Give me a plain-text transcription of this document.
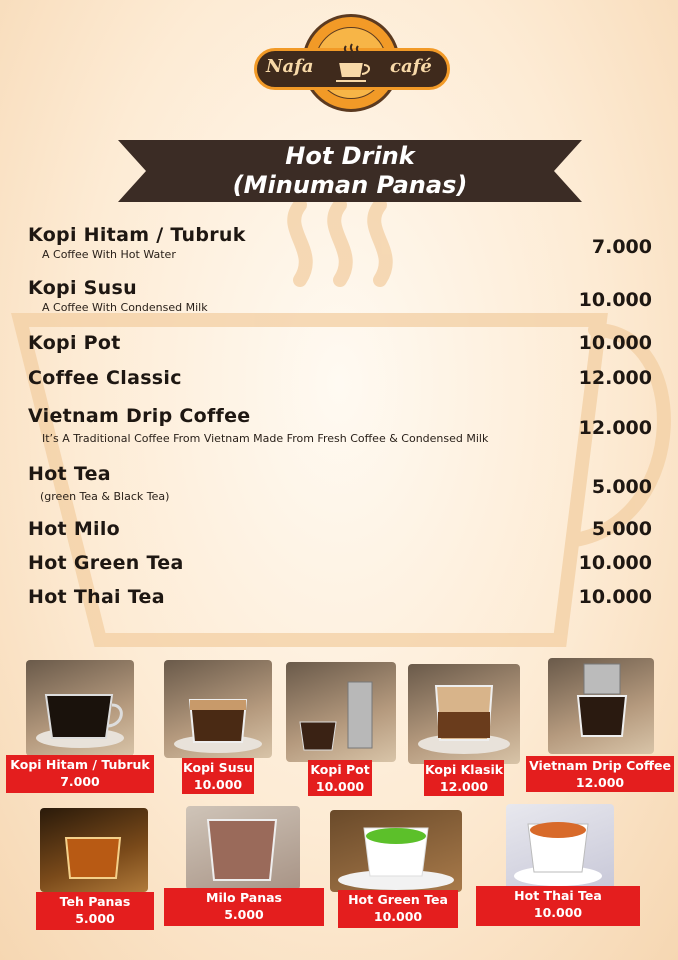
Nafa	café
Hot Drink
(Minuman Panas)
Kopi Hitam / Tubruk
A Coffee With Hot Water	7.000
Kopi Susu
A Coffee With Condensed Milk	10.000
Kopi Pot	10.000
Coffee Classic	12.000
Vietnam Drip Coffee
It’s A Traditional Coffee From Vietnam Made From Fresh Coffee & Condensed Milk	12.000
Hot Tea
(green Tea & Black Tea)	5.000
Hot Milo	5.000
Hot Green Tea	10.000
Hot Thai Tea	10.000
Kopi Hitam / Tubruk
7.000
Kopi Susu
10.000
Kopi Pot
10.000
Kopi Klasik
12.000
Vietnam Drip Coffee
12.000
Teh Panas
5.000
Milo Panas
5.000
Hot Green Tea
10.000
Hot Thai Tea
10.000
